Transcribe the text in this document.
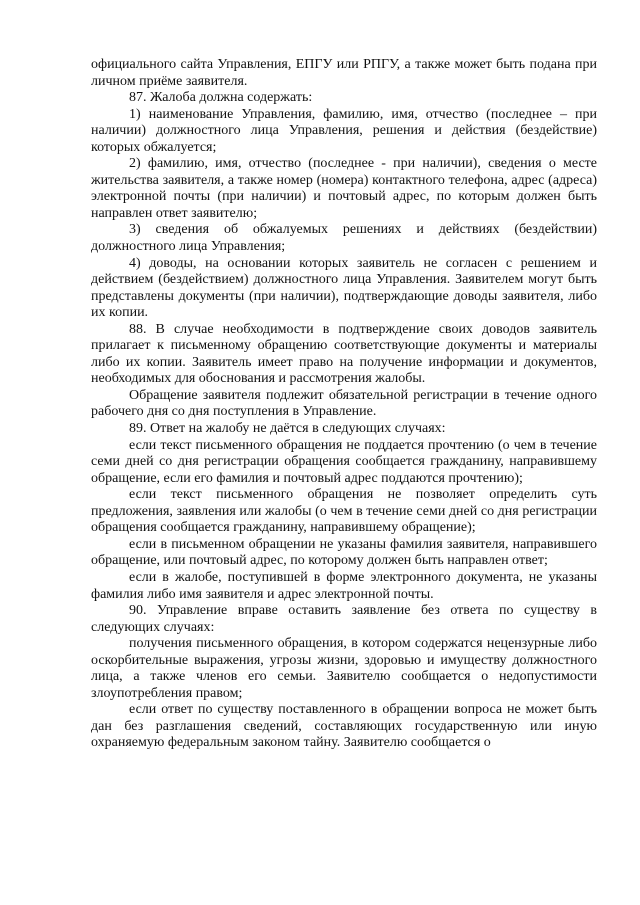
официального сайта Управления, ЕПГУ или РПГУ, а также может быть подана при личном приёме заявителя.

87. Жалоба должна содержать:

1) наименование Управления, фамилию, имя, отчество (последнее – при наличии) должностного лица Управления, решения и действия (бездействие) которых обжалуется;

2) фамилию, имя, отчество (последнее - при наличии), сведения о месте жительства заявителя, а также номер (номера) контактного телефона, адрес (адреса) электронной почты (при наличии) и почтовый адрес, по которым должен быть направлен ответ заявителю;

3) сведения об обжалуемых решениях и действиях (бездействии) должностного лица Управления;

4) доводы, на основании которых заявитель не согласен с решением и действием (бездействием) должностного лица Управления. Заявителем могут быть представлены документы (при наличии), подтверждающие доводы заявителя, либо их копии.

88. В случае необходимости в подтверждение своих доводов заявитель прилагает к письменному обращению соответствующие документы и материалы либо их копии. Заявитель имеет право на получение информации и документов, необходимых для обоснования и рассмотрения жалобы.

Обращение заявителя подлежит обязательной регистрации в течение одного рабочего дня со дня поступления в Управление.

89. Ответ на жалобу не даётся в следующих случаях:

если текст письменного обращения не поддается прочтению (о чем в течение семи дней со дня регистрации обращения сообщается гражданину, направившему обращение, если его фамилия и почтовый адрес поддаются прочтению);

если текст письменного обращения не позволяет определить суть предложения, заявления или жалобы (о чем в течение семи дней со дня регистрации обращения сообщается гражданину, направившему обращение);

если в письменном обращении не указаны фамилия заявителя, направившего обращение, или почтовый адрес, по которому должен быть направлен ответ;

если в жалобе, поступившей в форме электронного документа, не указаны фамилия либо имя заявителя и адрес электронной почты.

90. Управление вправе оставить заявление без ответа по существу в следующих случаях:

получения письменного обращения, в котором содержатся нецензурные либо оскорбительные выражения, угрозы жизни, здоровью и имуществу должностного лица, а также членов его семьи. Заявителю сообщается о недопустимости злоупотребления правом;

если ответ по существу поставленного в обращении вопроса не может быть дан без разглашения сведений, составляющих государственную или иную охраняемую федеральным законом тайну. Заявителю сообщается о
